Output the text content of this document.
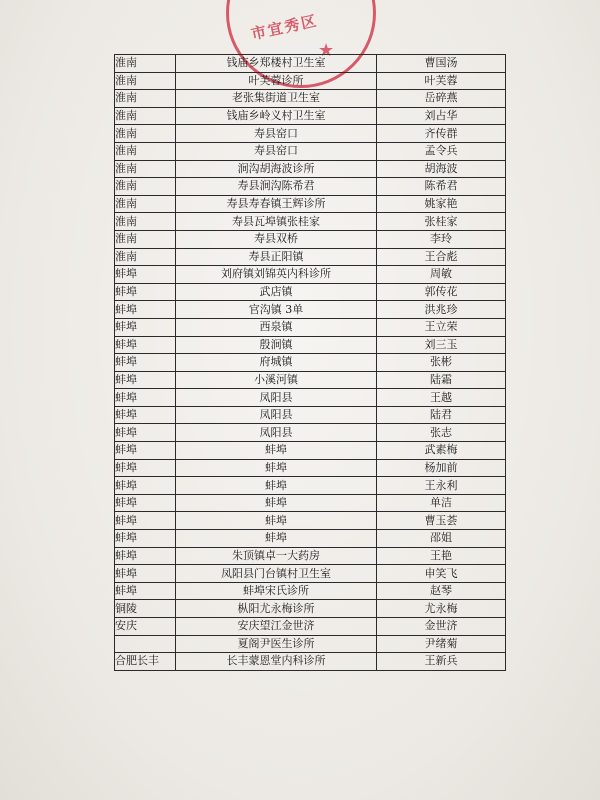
市宜秀区
★
淮南	钱庙乡郑楼村卫生室	曹国汤
淮南	叶芙蓉诊所	叶芙蓉
淮南	老张集街道卫生室	岳碎燕
淮南	钱庙乡岭义村卫生室	刘占华
淮南	寿县窑口	齐传群
淮南	寿县窑口	孟令兵
淮南	涧沟胡海波诊所	胡海波
淮南	寿县涧沟陈希君	陈希君
淮南	寿县寿春镇王辉诊所	姚家艳
淮南	寿县瓦埠镇张桂家	张桂家
淮南	寿县双桥	李玲
淮南	寿县正阳镇	王合彪
蚌埠	刘府镇刘锦英内科诊所	周敏
蚌埠	武店镇	郭传花
蚌埠	官沟镇 3单	洪兆珍
蚌埠	西泉镇	王立荣
蚌埠	殷涧镇	刘三玉
蚌埠	府城镇	张彬
蚌埠	小溪河镇	陆霜
蚌埠	凤阳县	王越
蚌埠	凤阳县	陆君
蚌埠	凤阳县	张志
蚌埠	蚌埠	武素梅
蚌埠	蚌埠	杨加前
蚌埠	蚌埠	王永利
蚌埠	蚌埠	单洁
蚌埠	蚌埠	曹玉荟
蚌埠	蚌埠	邵姐
蚌埠	朱顶镇卓一大药房	王艳
蚌埠	凤阳县门台镇村卫生室	申笑飞
蚌埠	蚌埠宋氏诊所	赵琴
铜陵	枞阳尤永梅诊所	尤永梅
安庆	安庆望江金世济	金世济
	夏阁尹医生诊所	尹绪菊
合肥长丰	长丰蒙恩堂内科诊所	王新兵
